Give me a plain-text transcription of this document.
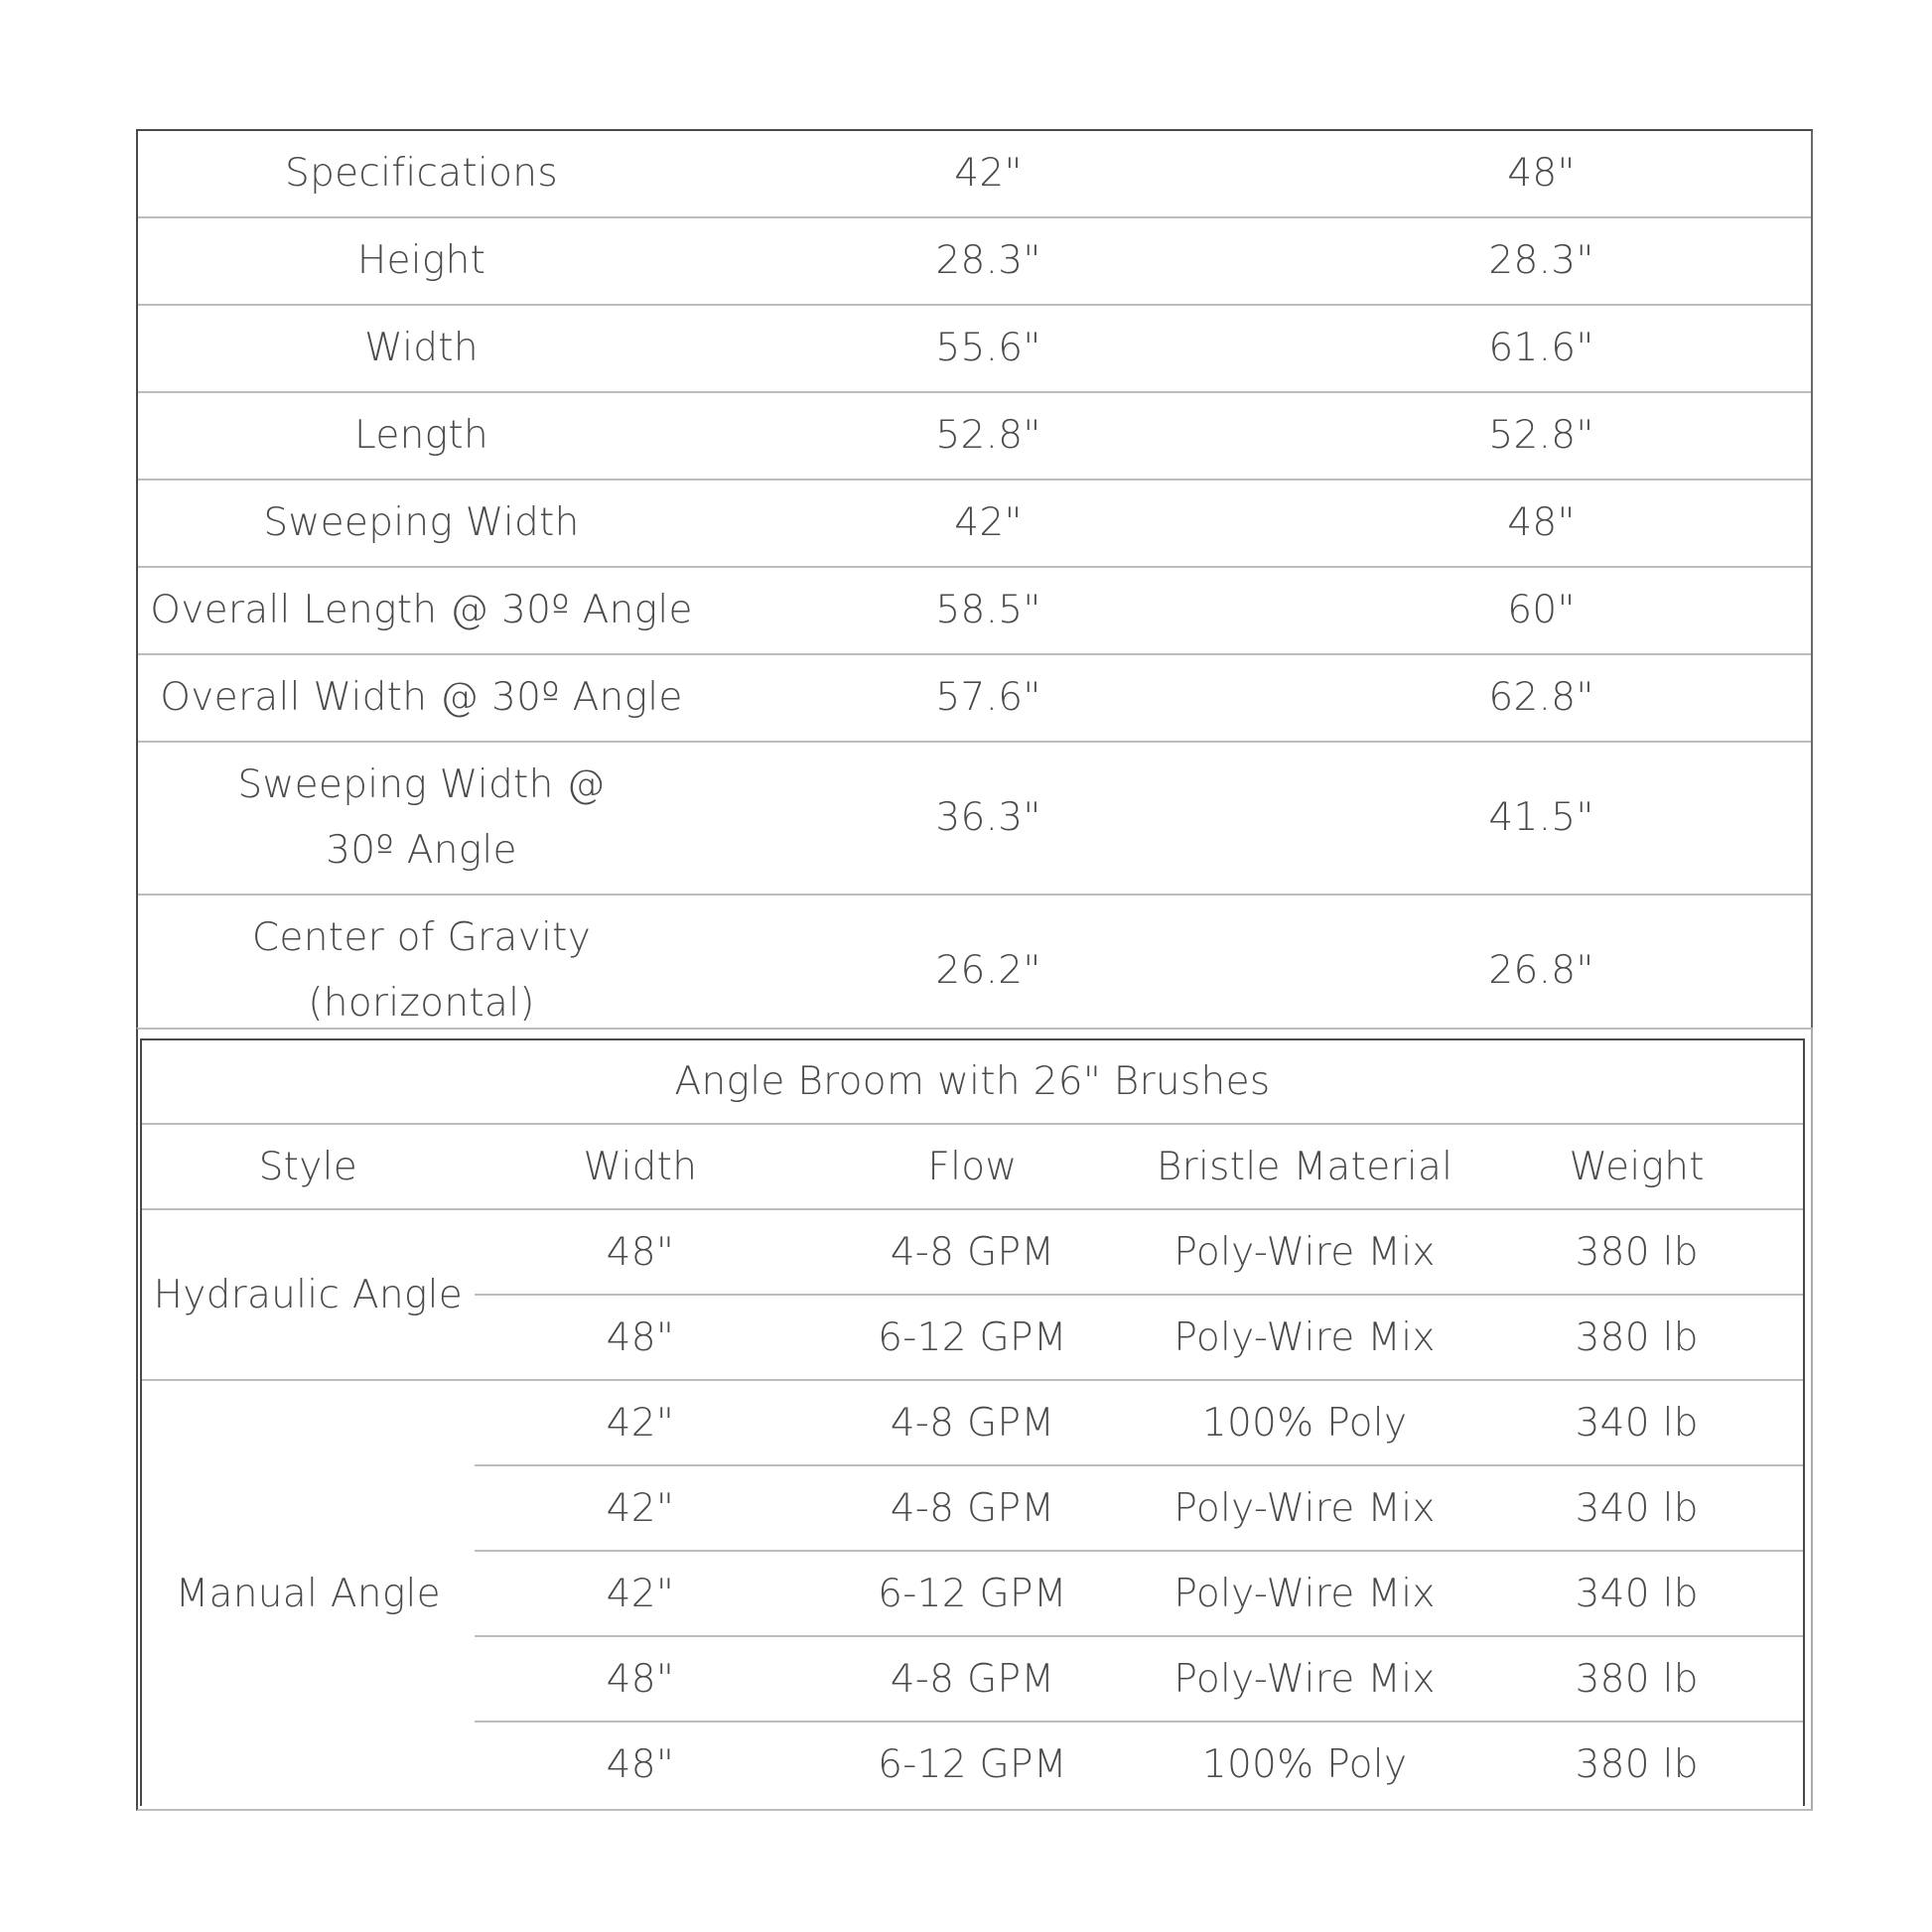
Specifications	42"	48"
Height	28.3"	28.3"
Width	55.6"	61.6"
Length	52.8"	52.8"
Sweeping Width	42"	48"
Overall Length @ 30º Angle	58.5"	60"
Overall Width @ 30º Angle	57.6"	62.8"
Sweeping Width @ 30º Angle	36.3"	41.5"
Center of Gravity (horizontal)	26.2"	26.8"
Angle Broom with 26" Brushes				
Style	Width	Flow	Bristle Material	Weight
Hydraulic Angle	48"	4-8 GPM	Poly-Wire Mix	380 lb
	48"	6-12 GPM	Poly-Wire Mix	380 lb
Manual Angle	42"	4-8 GPM	100% Poly	340 lb
	42"	4-8 GPM	Poly-Wire Mix	340 lb
	42"	6-12 GPM	Poly-Wire Mix	340 lb
	48"	4-8 GPM	Poly-Wire Mix	380 lb
	48"	6-12 GPM	100% Poly	380 lb
